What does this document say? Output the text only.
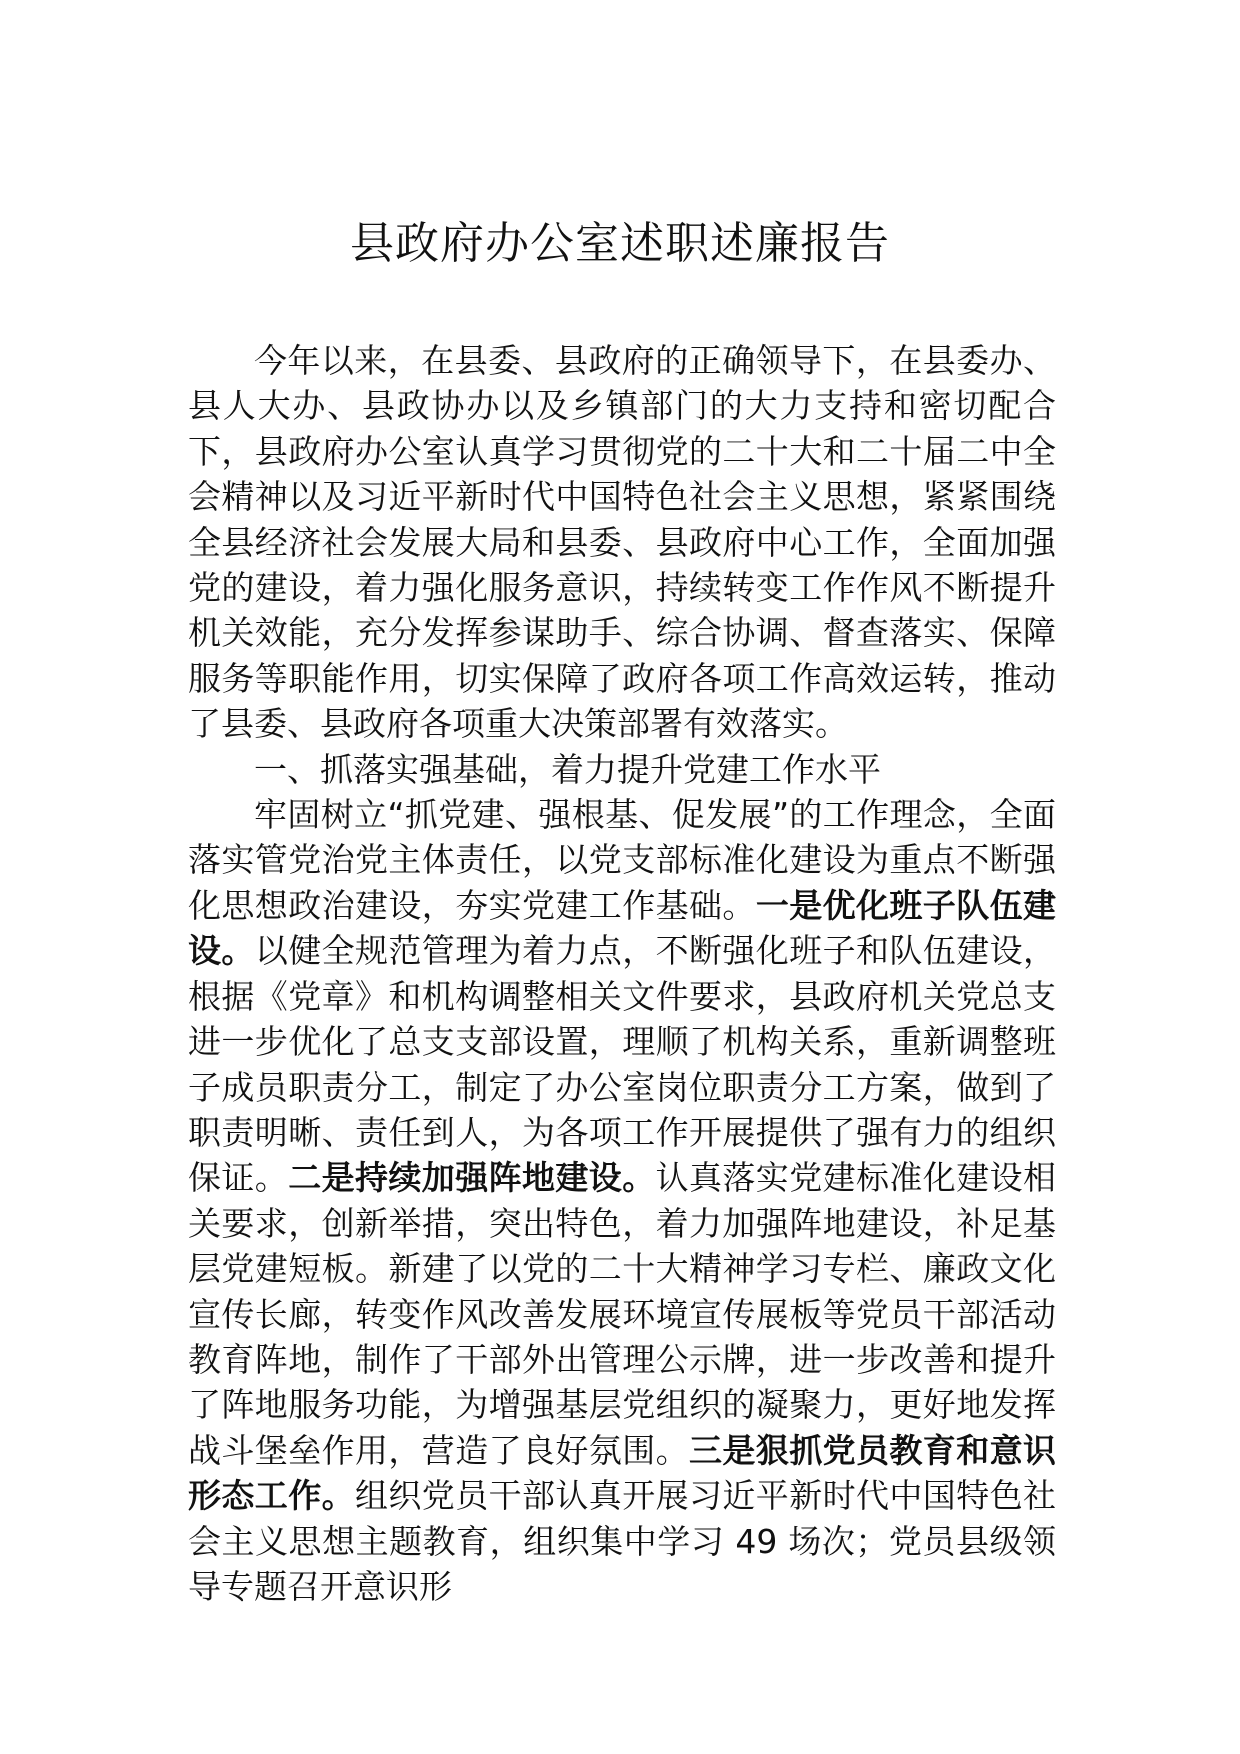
县政府办公室述职述廉报告

今年以来，在县委、县政府的正确领导下，在县委办、县人大办、县政协办以及乡镇部门的大力支持和密切配合下，县政府办公室认真学习贯彻党的二十大和二十届二中全会精神以及习近平新时代中国特色社会主义思想，紧紧围绕全县经济社会发展大局和县委、县政府中心工作，全面加强党的建设，着力强化服务意识，持续转变工作作风不断提升机关效能，充分发挥参谋助手、综合协调、督查落实、保障服务等职能作用，切实保障了政府各项工作高效运转，推动了县委、县政府各项重大决策部署有效落实。

一、抓落实强基础，着力提升党建工作水平

牢固树立“抓党建、强根基、促发展”的工作理念，全面落实管党治党主体责任，以党支部标准化建设为重点不断强化思想政治建设，夯实党建工作基础。一是优化班子队伍建设。以健全规范管理为着力点，不断强化班子和队伍建设，根据《党章》和机构调整相关文件要求，县政府机关党总支进一步优化了总支支部设置，理顺了机构关系，重新调整班子成员职责分工，制定了办公室岗位职责分工方案，做到了职责明晰、责任到人，为各项工作开展提供了强有力的组织保证。二是持续加强阵地建设。认真落实党建标准化建设相关要求，创新举措，突出特色，着力加强阵地建设，补足基层党建短板。新建了以党的二十大精神学习专栏、廉政文化宣传长廊，转变作风改善发展环境宣传展板等党员干部活动教育阵地，制作了干部外出管理公示牌，进一步改善和提升了阵地服务功能，为增强基层党组织的凝聚力，更好地发挥战斗堡垒作用，营造了良好氛围。三是狠抓党员教育和意识形态工作。组织党员干部认真开展习近平新时代中国特色社会主义思想主题教育，组织集中学习 49 场次；党员县级领导专题召开意识形
